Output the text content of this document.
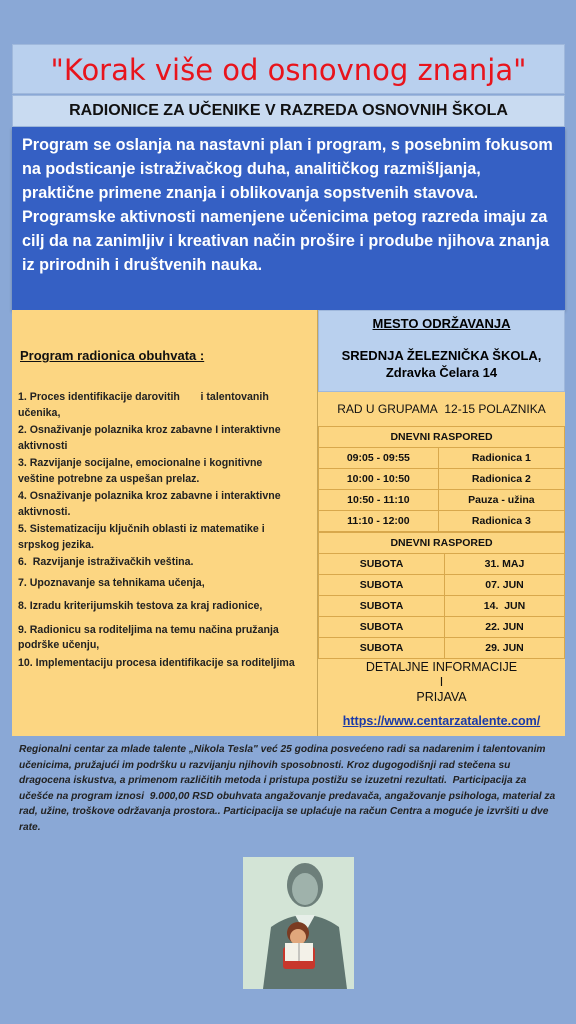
"Korak više od osnovnog znanja"
RADIONICE ZA UČENIKE V RAZREDA OSNOVNIH ŠKOLA

Program se oslanja na nastavni plan i program, s posebnim fokusom na podsticanje istraživačkog duha, analitičkog razmišljanja, praktične primene znanja i oblikovanja sopstvenih stavova.

Programske aktivnosti namenjene učenicima petog razreda imaju za cilj da na zanimljiv i kreativan način prošire i prodube njihova znanja iz prirodnih i društvenih nauka.

Program radionica obuhvata :
1. Proces identifikacije darovitih       i talentovanih učenika,
2. Osnaživanje polaznika kroz zabavne I interaktivne aktivnosti
3. Razvijanje socijalne, emocionalne i kognitivne       veštine potrebne za uspešan prelaz.
4. Osnaživanje polaznika kroz zabavne i interaktivne aktivnosti.
5. Sistematizaciju ključnih oblasti iz matematike i       srpskog jezika.
6.  Razvijanje istraživačkih veština.
7. Upoznavanje sa tehnikama učenja,
8. Izradu kriterijumskih testova za kraj radionice,
9. Radionicu sa roditeljima na temu načina pružanja podrške učenju,
10. Implementaciju procesa identifikacije sa roditeljima
MESTO ODRŽAVANJA
SREDNJA ŽELEZNIČKA ŠKOLA,
Zdravka Čelara 14
RAD U GRUPAMA  12-15 POLAZNIKA
DNEVNI RASPORED	
09:05 - 09:55	Radionica 1
10:00 - 10:50	Radionica 2
10:50 - 11:10	Pauza - užina
11:10 - 12:00	Radionica 3
DNEVNI RASPORED	
SUBOTA	31. MAJ
SUBOTA	07. JUN
SUBOTA	14.  JUN
SUBOTA	22. JUN
SUBOTA	29. JUN
DETALJNE INFORMACIJE
I
PRIJAVA
https://www.centarzatalente.com/
Regionalni centar za mlade talente „Nikola Tesla" već 25 godina posvećeno radi sa nadarenim i talentovanim učenicima, pružajući im podršku u razvijanju njihovih sposobnosti. Kroz dugogodišnji rad stečena su dragocena iskustva, a primenom različitih metoda i pristupa postižu se izuzetni rezultati.  Participacija za učešće na program iznosi  9.000,00 RSD obuhvata angažovanje predavača, angažovanje psihologa, material za rad, užine, troškove održavanja prostora.. Participacija se uplaćuje na račun Centra a moguće je izvršiti u dve rate.
